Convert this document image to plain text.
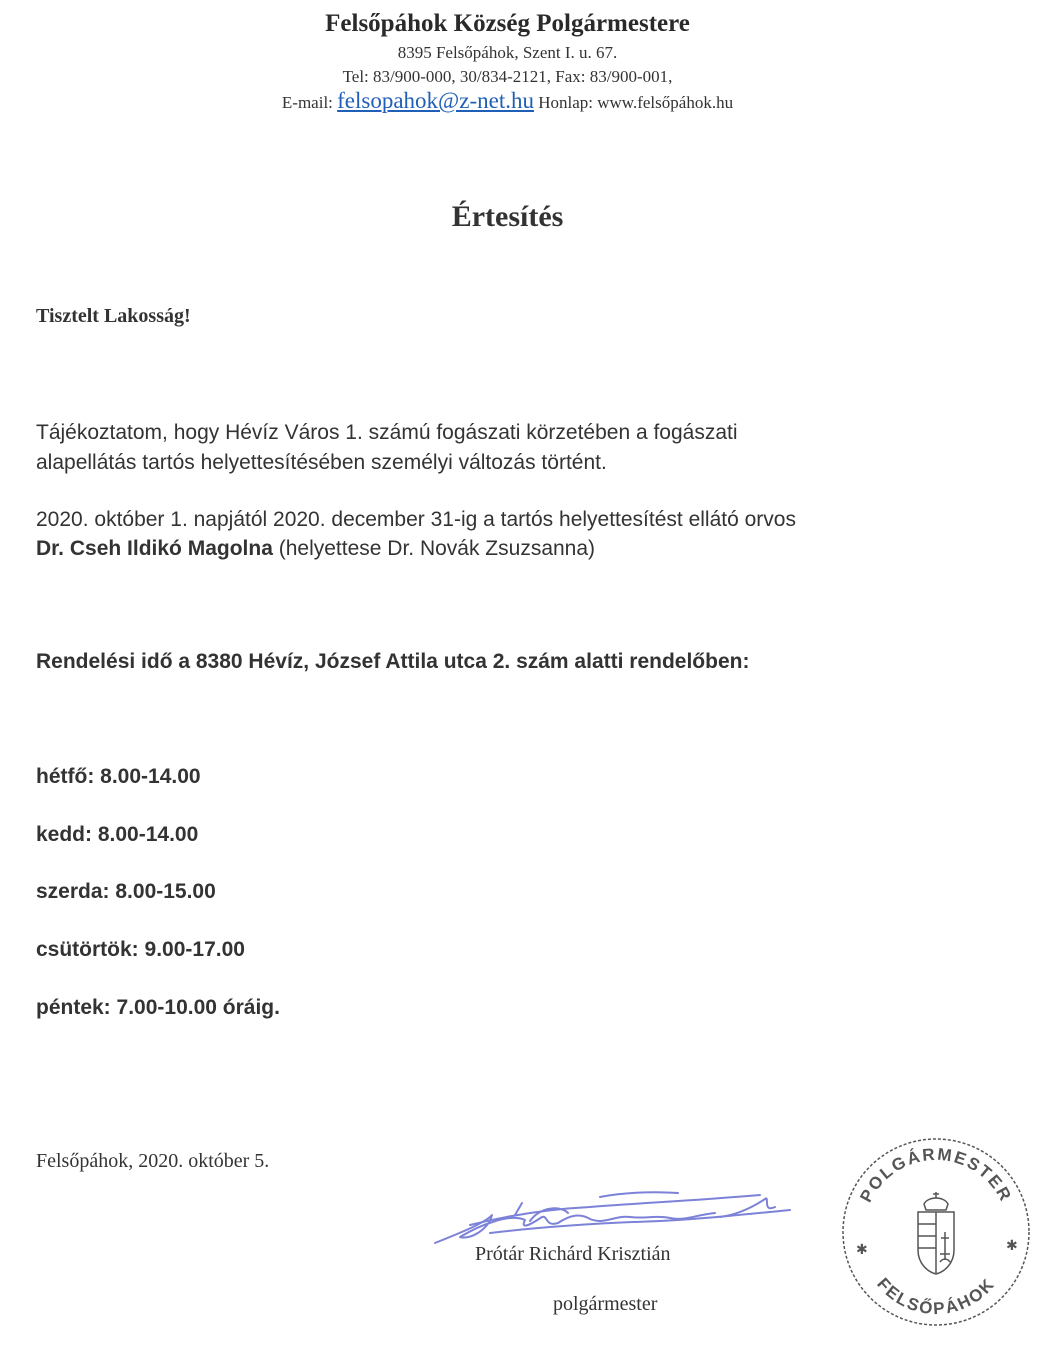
Felsőpáhok Község Polgármestere
8395 Felsőpáhok, Szent I. u. 67.
Tel: 83/900-000, 30/834-2121, Fax: 83/900-001,
E-mail: felsopahok@z-net.hu Honlap: www.felsőpáhok.hu
Értesítés
Tisztelt Lakosság!
Tájékoztatom, hogy Hévíz Város 1. számú fogászati körzetében a fogászati
alapellátás tartós helyettesítésében személyi változás történt.
2020. október 1. napjától 2020. december 31-ig a tartós helyettesítést ellátó orvos
Dr. Cseh Ildikó Magolna (helyettese Dr. Novák Zsuzsanna)
Rendelési idő a 8380 Hévíz, József Attila utca 2. szám alatti rendelőben:
hétfő: 8.00-14.00
kedd: 8.00-14.00
szerda: 8.00-15.00
csütörtök: 9.00-17.00
péntek: 7.00-10.00 óráig.
Felsőpáhok, 2020. október 5.
Prótár Richárd Krisztián
polgármester
POLGÁRMESTER
FELSŐPÁHOK
✱	✱
